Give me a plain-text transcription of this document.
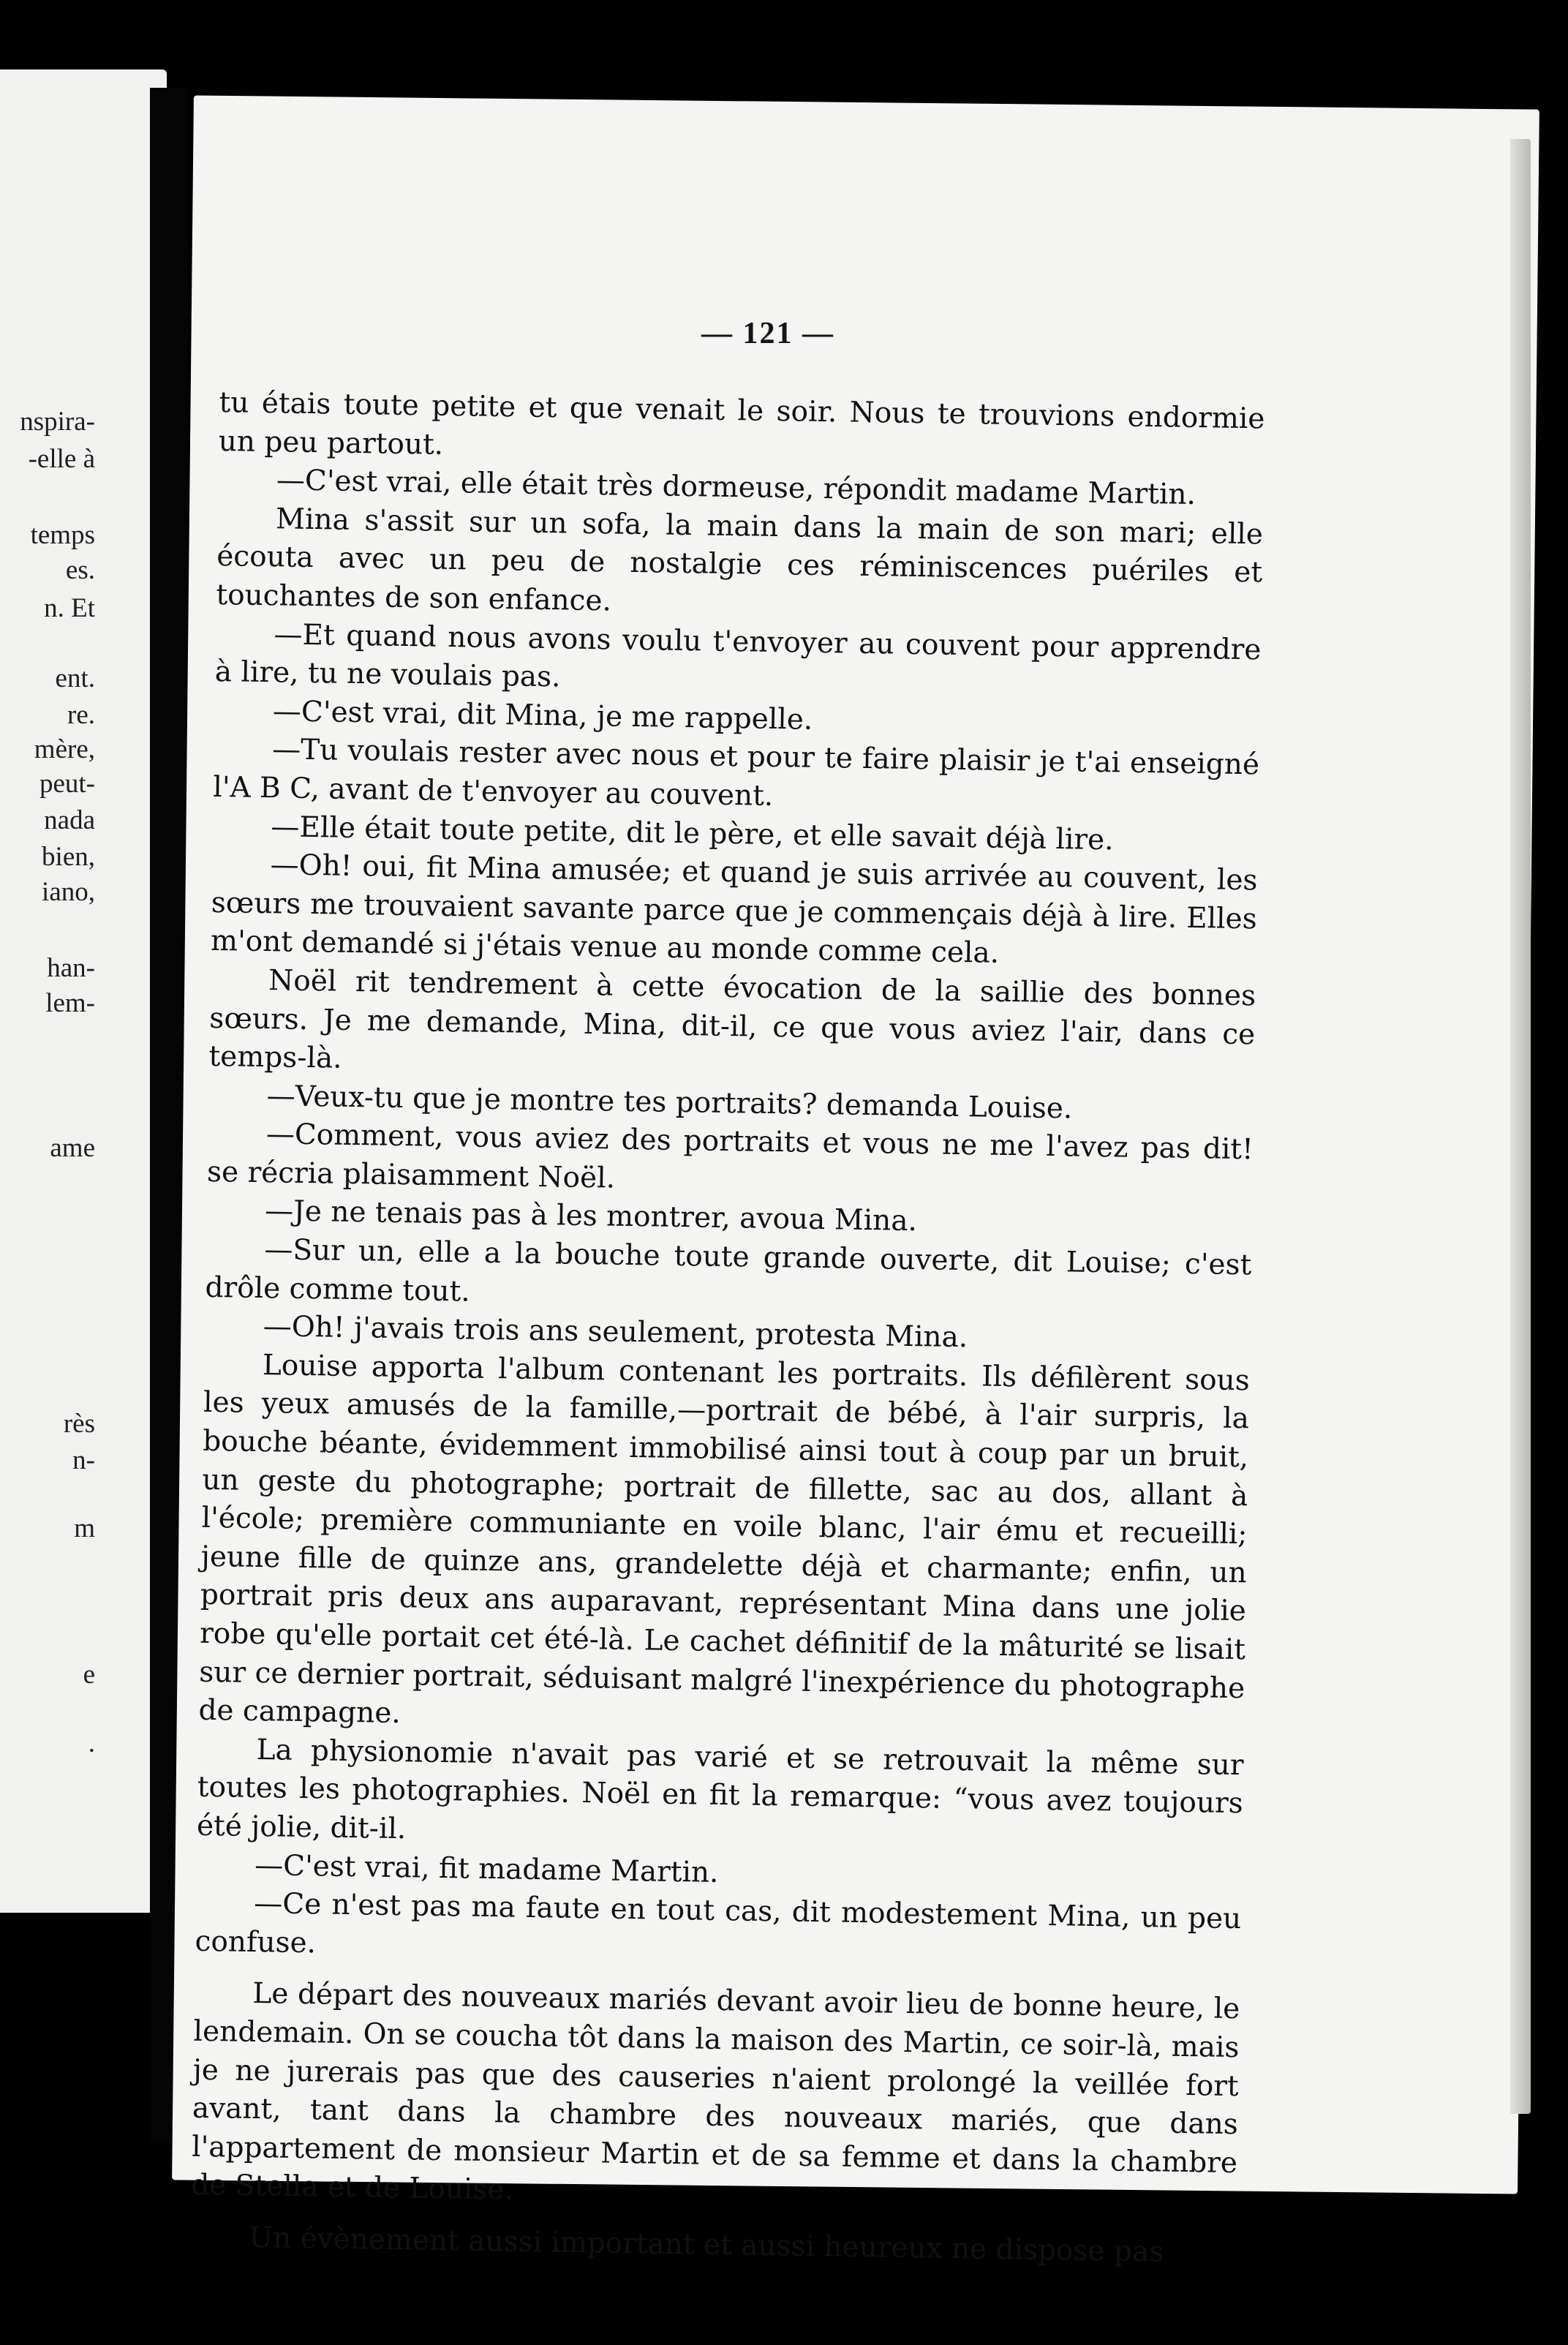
nspira-
-elle à
temps
es.
n. Et
ent.
re.
mère,
peut-
nada
bien,
iano,
han-
lem-
ame
rès
n-
m
e
.
— 121 —

tu étais toute petite et que venait le soir. Nous te trouvions endormie un peu partout.

—C'est vrai, elle était très dormeuse, répondit madame Martin.

Mina s'assit sur un sofa, la main dans la main de son mari; elle écouta avec un peu de nostalgie ces réminiscences puériles et touchantes de son enfance.

—Et quand nous avons voulu t'envoyer au couvent pour apprendre à lire, tu ne voulais pas.

—C'est vrai, dit Mina, je me rappelle.

—Tu voulais rester avec nous et pour te faire plaisir je t'ai enseigné l'A B C, avant de t'envoyer au couvent.

—Elle était toute petite, dit le père, et elle savait déjà lire.

—Oh! oui, fit Mina amusée; et quand je suis arrivée au couvent, les sœurs me trouvaient savante parce que je commençais déjà à lire. Elles m'ont demandé si j'étais venue au monde comme cela.

Noël rit tendrement à cette évocation de la saillie des bonnes sœurs. Je me demande, Mina, dit-il, ce que vous aviez l'air, dans ce temps-là.

—Veux-tu que je montre tes portraits? demanda Louise.

—Comment, vous aviez des portraits et vous ne me l'avez pas dit! se récria plaisamment Noël.

—Je ne tenais pas à les montrer, avoua Mina.

—Sur un, elle a la bouche toute grande ouverte, dit Louise; c'est drôle comme tout.

—Oh! j'avais trois ans seulement, protesta Mina.

Louise apporta l'album contenant les portraits. Ils défilèrent sous les yeux amusés de la famille,—portrait de bébé, à l'air surpris, la bouche béante, évidemment immobilisé ainsi tout à coup par un bruit, un geste du photographe; portrait de fillette, sac au dos, allant à l'école; première communiante en voile blanc, l'air ému et recueilli; jeune fille de quinze ans, grandelette déjà et charmante; enfin, un portrait pris deux ans auparavant, représentant Mina dans une jolie robe qu'elle portait cet été-là. Le cachet définitif de la mâturité se lisait sur ce dernier portrait, séduisant malgré l'inexpérience du photographe de campagne.

La physionomie n'avait pas varié et se retrouvait la même sur toutes les photographies. Noël en fit la remarque: “vous avez toujours été jolie, dit-il.

—C'est vrai, fit madame Martin.

—Ce n'est pas ma faute en tout cas, dit modestement Mina, un peu confuse.

Le départ des nouveaux mariés devant avoir lieu de bonne heure, le lendemain. On se coucha tôt dans la maison des Martin, ce soir-là, mais je ne jurerais pas que des causeries n'aient prolongé la veillée fort avant, tant dans la chambre des nouveaux mariés, que dans l'appartement de monsieur Martin et de sa femme et dans la chambre de Stella et de Louise.

Un évènement aussi important et aussi heureux ne dispose pas
